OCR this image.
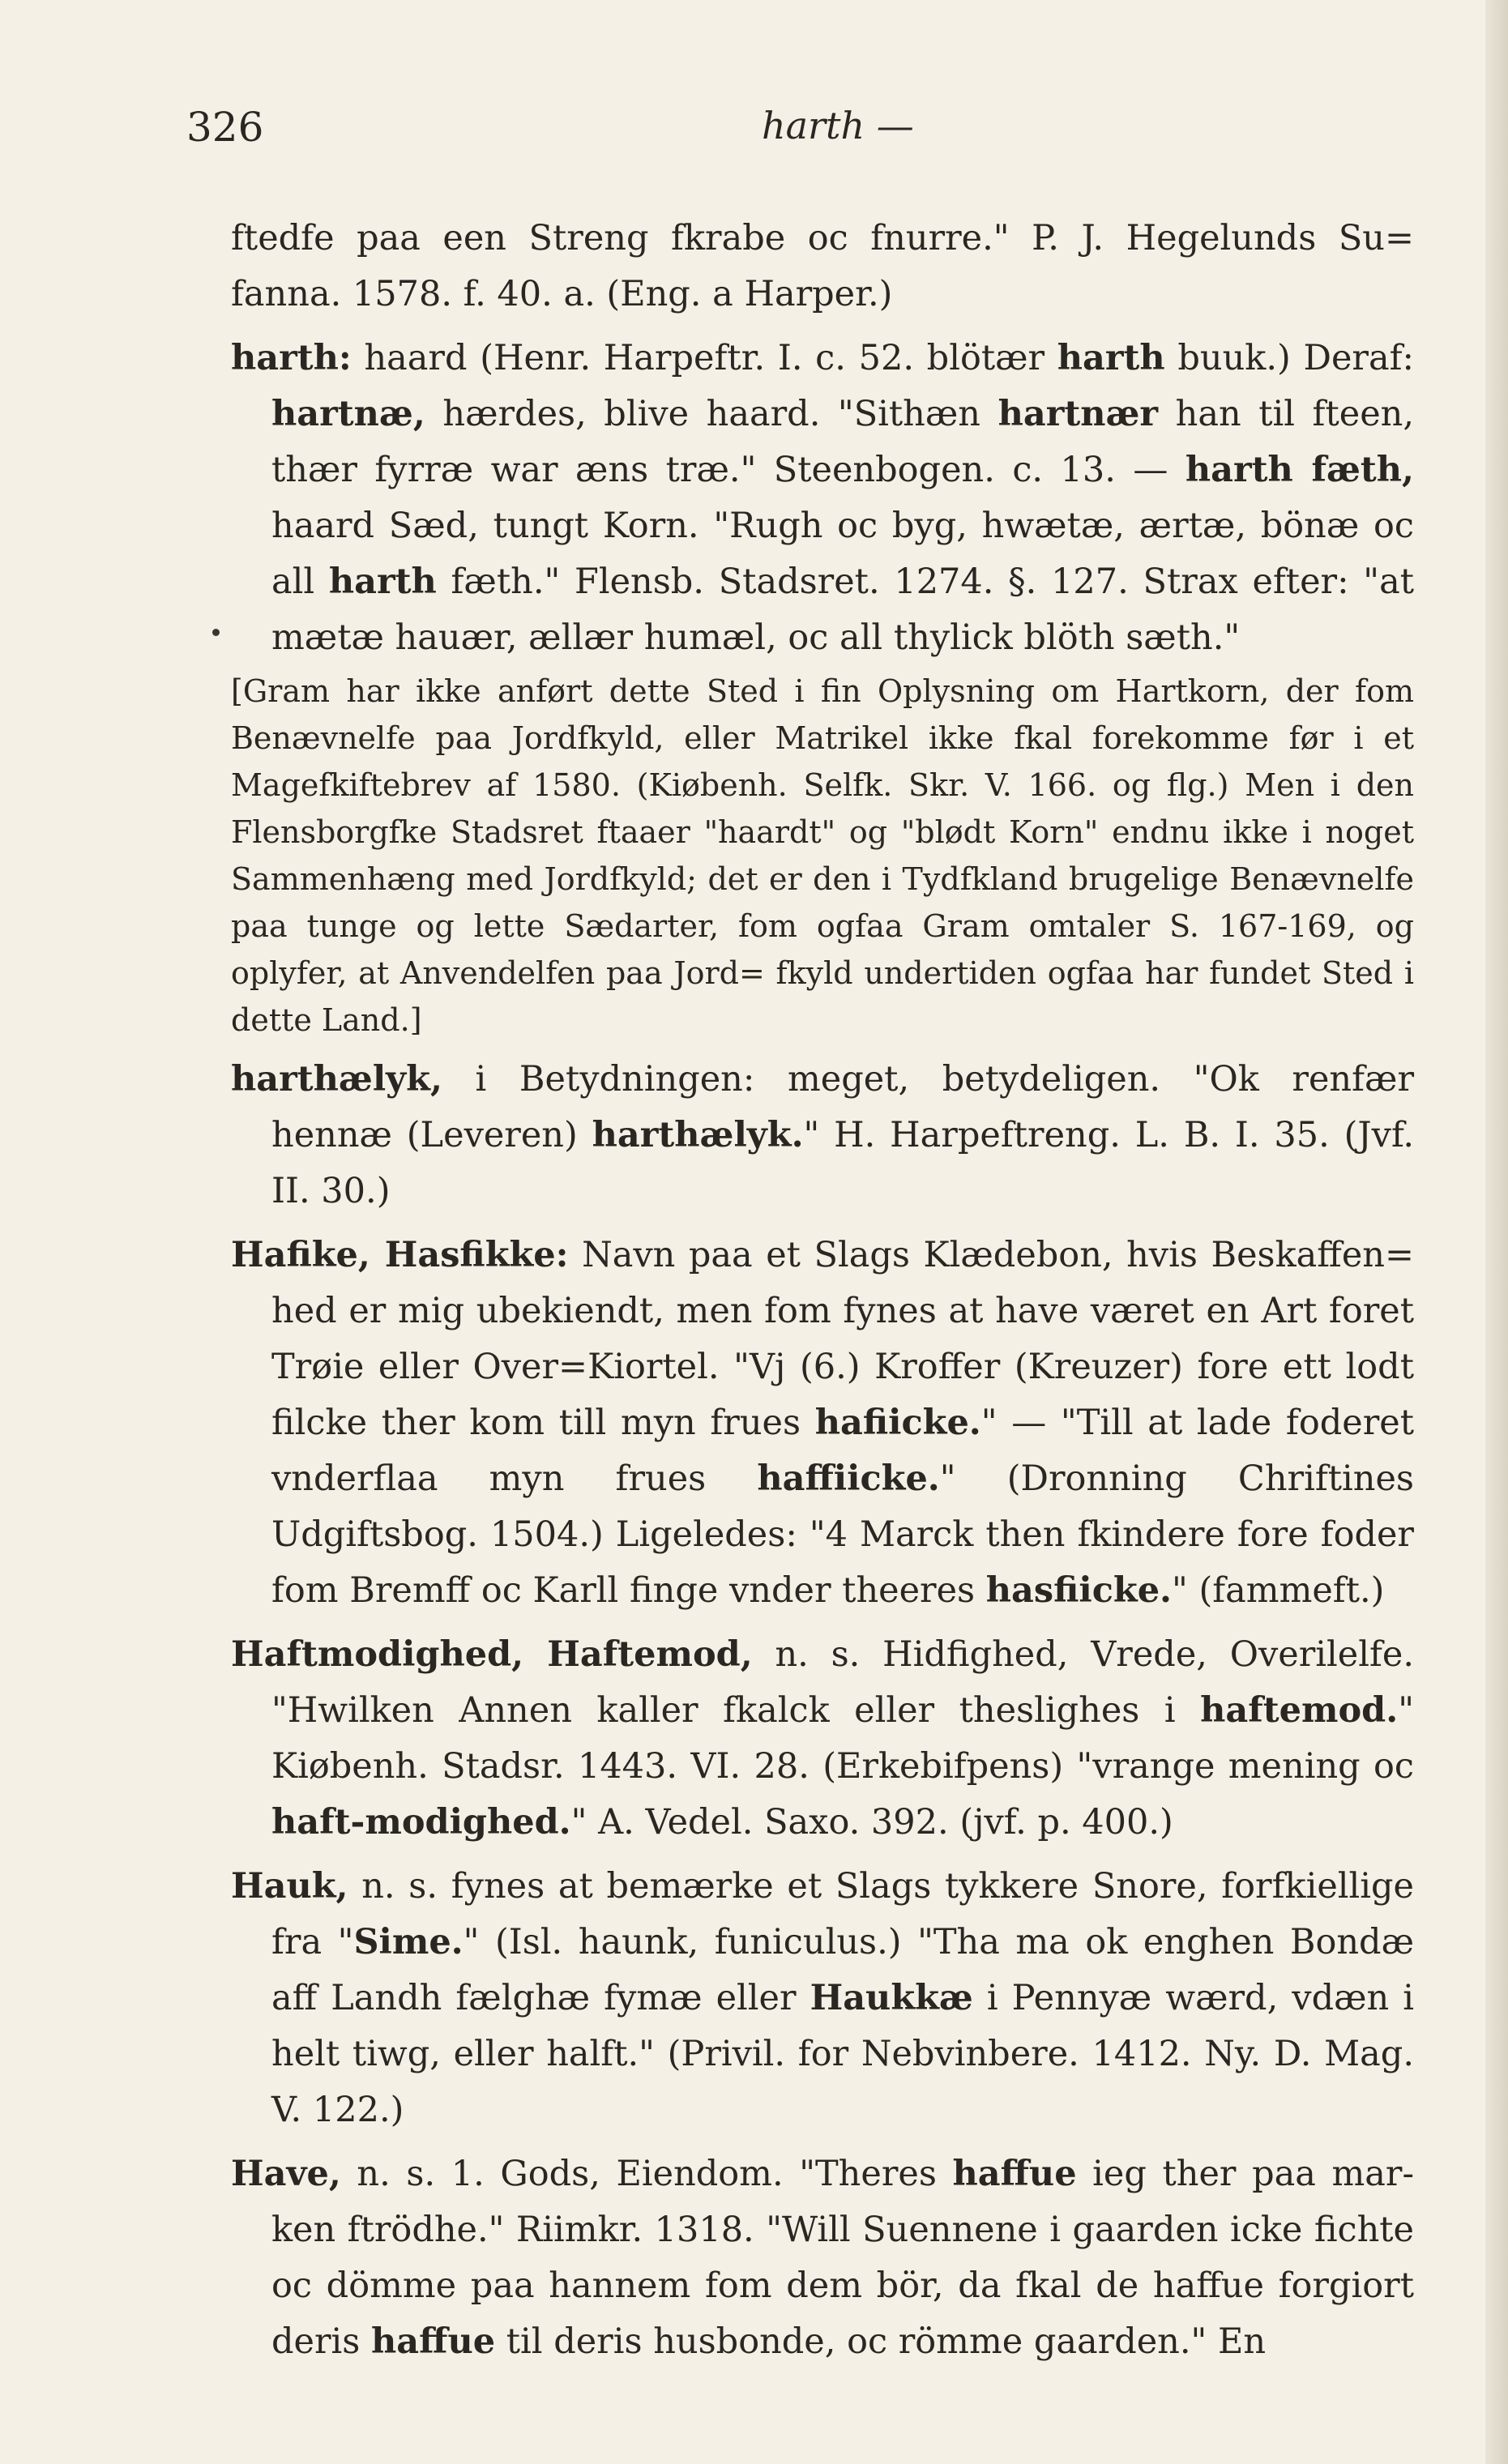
326	harth —

ftedfe paa een Streng fkrabe oc fnurre." P. J. Hegelunds Su= fanna. 1578. f. 40. a. (Eng. a Harper.)

harth: haard (Henr. Harpeftr. I. c. 52. blötær harth buuk.) Deraf: hartnæ, hærdes, blive haard. "Sithæn hartnær han til fteen, thær fyrræ war æns træ." Steenbogen. c. 13. — harth fæth, haard Sæd, tungt Korn. "Rugh oc byg, hwætæ, ærtæ, bönæ oc all harth fæth." Flensb. Stadsret. 1274. §. 127. Strax efter: "at mætæ hauær, ællær humæl, oc all thylick blöth sæth."

[Gram har ikke anført dette Sted i fin Oplysning om Hartkorn, der fom Benævnelfe paa Jordfkyld, eller Matrikel ikke fkal forekomme før i et Magefkiftebrev af 1580. (Kiøbenh. Selfk. Skr. V. 166. og flg.) Men i den Flensborgfke Stadsret ftaaer "haardt" og "blødt Korn" endnu ikke i noget Sammenhæng med Jordfkyld; det er den i Tydfkland brugelige Benævnelfe paa tunge og lette Sædarter, fom ogfaa Gram omtaler S. 167-169, og oplyfer, at Anvendelfen paa Jord= fkyld undertiden ogfaa har fundet Sted i dette Land.]

harthælyk, i Betydningen: meget, betydeligen. "Ok renfær hennæ (Leveren) harthælyk." H. Harpeftreng. L. B. I. 35. (Jvf. II. 30.)

Hafike, Hasfikke: Navn paa et Slags Klædebon, hvis Beskaffen= hed er mig ubekiendt, men fom fynes at have været en Art foret Trøie eller Over=Kiortel. "Vj (6.) Kroffer (Kreuzer) fore ett lodt filcke ther kom till myn frues hafiicke." — "Till at lade foderet vnderflaa myn frues haffiicke." (Dronning Chriftines Udgiftsbog. 1504.) Ligeledes: "4 Marck then fkindere fore foder fom Bremff oc Karll finge vnder theeres hasfiicke." (fammeft.)

Haftmodighed, Haftemod, n. s. Hidfighed, Vrede, Overilelfe. "Hwilken Annen kaller fkalck eller theslighes i haftemod." Kiøbenh. Stadsr. 1443. VI. 28. (Erkebifpens) "vrange mening oc haft-modighed." A. Vedel. Saxo. 392. (jvf. p. 400.)

Hauk, n. s. fynes at bemærke et Slags tykkere Snore, forfkiellige fra "Sime." (Isl. haunk, funiculus.) "Tha ma ok enghen Bondæ aff Landh fælghæ fymæ eller Haukkæ i Pennyæ wærd, vdæn i helt tiwg, eller halft." (Privil. for Nebvinbere. 1412. Ny. D. Mag. V. 122.)

Have, n. s. 1. Gods, Eiendom. "Theres haffue ieg ther paa mar-ken ftrödhe." Riimkr. 1318. "Will Suennene i gaarden icke fichte oc dömme paa hannem fom dem bör, da fkal de haffue forgiort deris haffue til deris husbonde, oc römme gaarden." En
